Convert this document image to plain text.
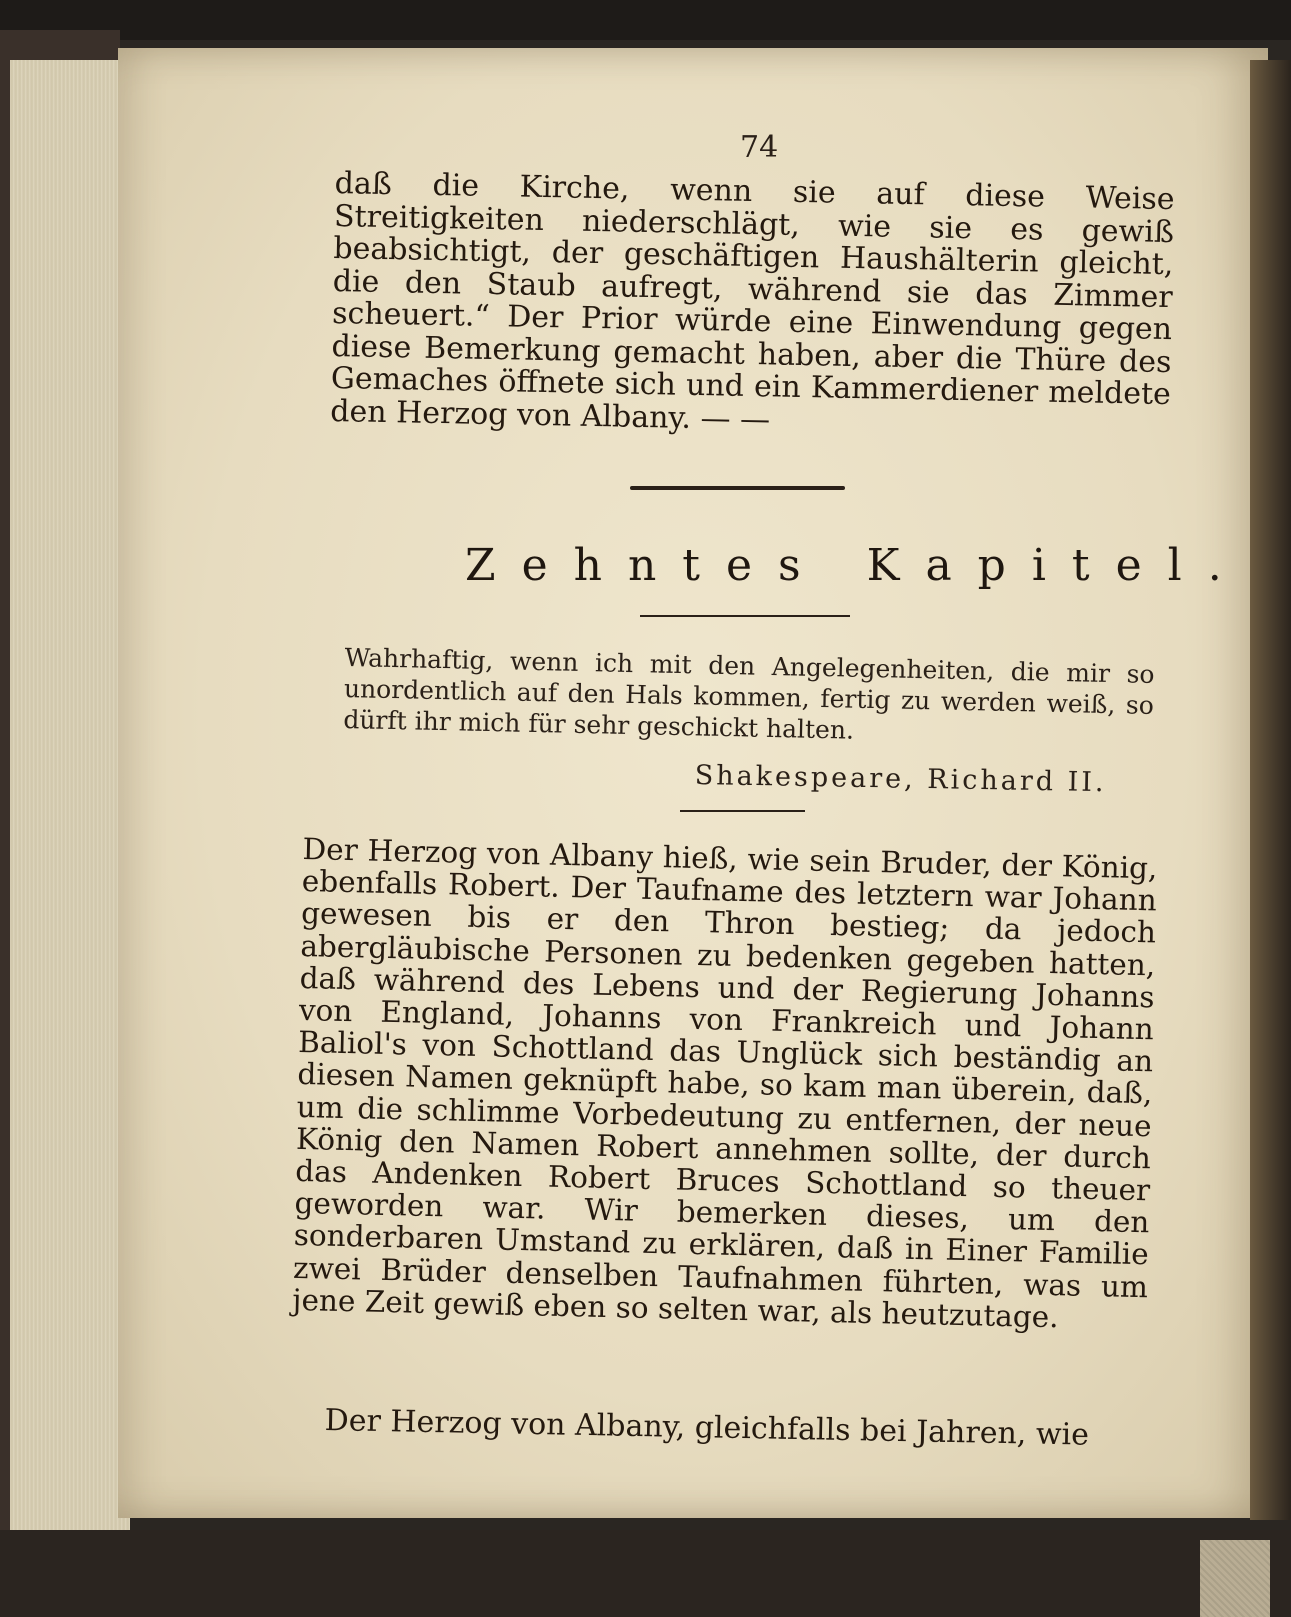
74
daß die Kirche, wenn sie auf diese Weise Streitigkeiten niederschlägt, wie sie es gewiß beabsichtigt, der geschäftigen Haushälterin gleicht, die den Staub aufregt, während sie das Zimmer scheuert.“ Der Prior würde eine Einwendung gegen diese Bemerkung gemacht haben, aber die Thüre des Gemaches öffnete sich und ein Kammerdiener meldete den Herzog von Albany. — —
Zehntes Kapitel.
Wahrhaftig, wenn ich mit den Angelegenheiten, die mir so unordentlich auf den Hals kommen, fertig zu werden weiß, so dürft ihr mich für sehr geschickt halten.
Shakespeare, Richard II.
Der Herzog von Albany hieß, wie sein Bruder, der König, ebenfalls Robert. Der Taufname des letztern war Johann gewesen bis er den Thron bestieg; da jedoch abergläubische Personen zu bedenken gegeben hatten, daß während des Lebens und der Regierung Johanns von England, Johanns von Frankreich und Johann Baliol's von Schottland das Unglück sich beständig an diesen Namen geknüpft habe, so kam man überein, daß, um die schlimme Vorbedeutung zu entfernen, der neue König den Namen Robert annehmen sollte, der durch das Andenken Robert Bruces Schottland so theuer geworden war. Wir bemerken dieses, um den sonderbaren Umstand zu erklären, daß in Einer Familie zwei Brüder denselben Taufnahmen führten, was um jene Zeit gewiß eben so selten war, als heutzutage.
Der Herzog von Albany, gleichfalls bei Jahren, wie
